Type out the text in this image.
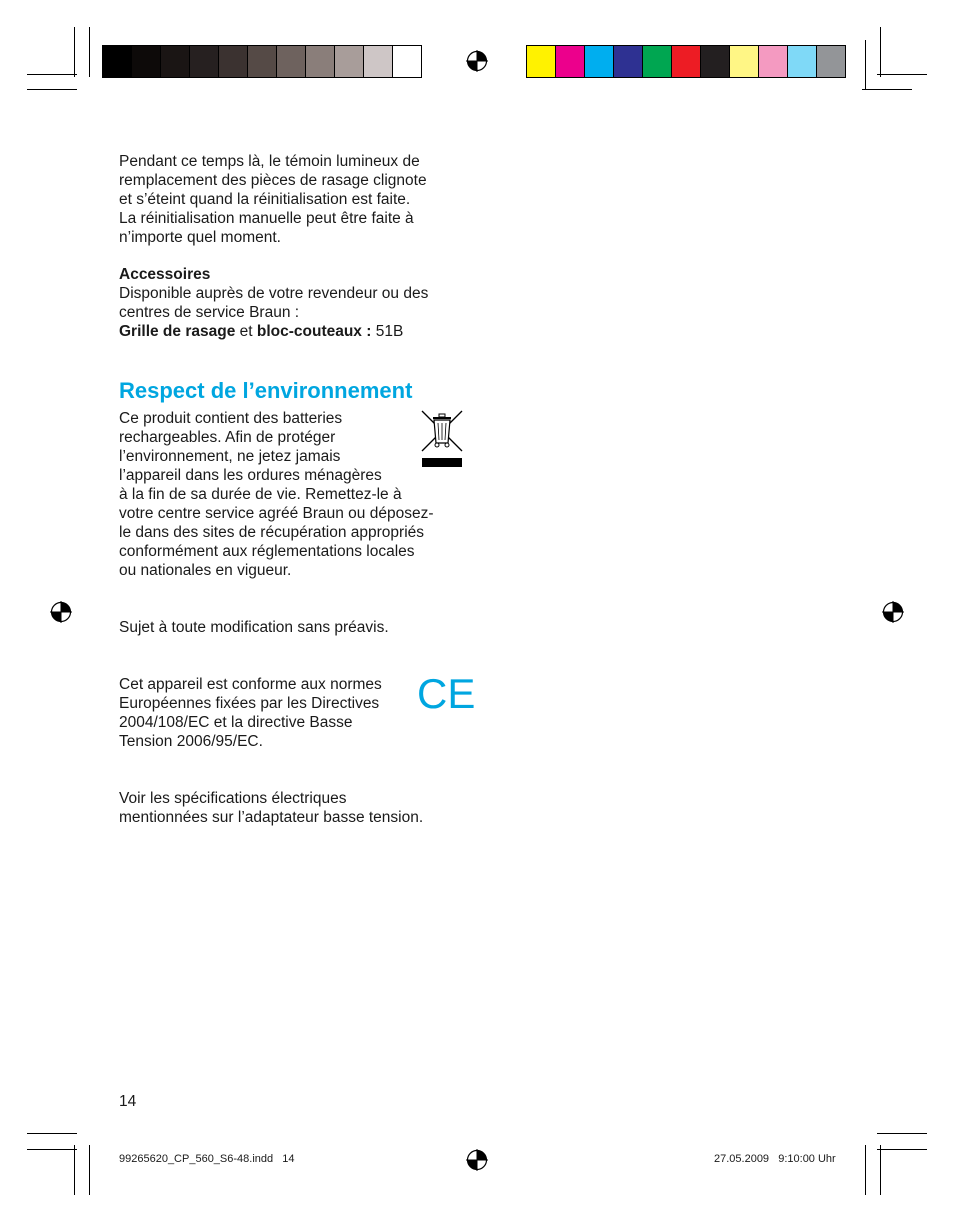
Pendant ce temps là, le témoin lumineux de
remplacement des pièces de rasage clignote
et s’éteint quand la réinitialisation est faite.
La réinitialisation manuelle peut être faite à
n’importe quel moment.

Accessoires
Disponible auprès de votre revendeur ou des
centres de service Braun :
Grille de rasage et bloc-couteaux : 51B

Respect de l’environnement

Ce produit contient des batteries
rechargeables. Afin de protéger
l’environnement, ne jetez jamais
l’appareil dans les ordures ménagères
à la fin de sa durée de vie. Remettez-le à
votre centre service agréé Braun ou déposez-
le dans des sites de récupération appropriés
conformément aux réglementations locales
ou nationales en vigueur.

Sujet à toute modification sans préavis.

CE
Cet appareil est conforme aux normes
Européennes fixées par les Directives
2004/108/EC et la directive Basse
Tension 2006/95/EC.

Voir les spécifications électriques
mentionnées sur l’adaptateur basse tension.

14
99265620_CP_560_S6-48.indd   14	27.05.2009   9:10:00 Uhr
